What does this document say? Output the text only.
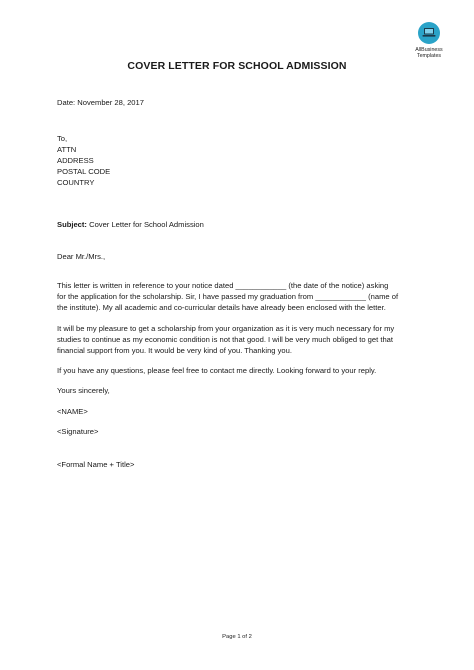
AllBusiness
Templates
COVER LETTER FOR SCHOOL ADMISSION
Date: November 28, 2017
To,
ATTN
ADDRESS
POSTAL CODE
COUNTRY
Subject: Cover Letter for School Admission
Dear Mr./Mrs.,
This letter is written in reference to your notice dated ____________ (the date of the notice) asking
for the application for the scholarship. Sir, I have passed my graduation from ____________ (name of
the institute). My all academic and co-curricular details have already been enclosed with the letter.
It will be my pleasure to get a scholarship from your organization as it is very much necessary for my
studies to continue as my economic condition is not that good. I will be very much obliged to get that
financial support from you. It would be very kind of you. Thanking you.
If you have any questions, please feel free to contact me directly. Looking forward to your reply.
Yours sincerely,
<NAME>
<Signature>
<Formal Name + Title>
Page 1 of 2
